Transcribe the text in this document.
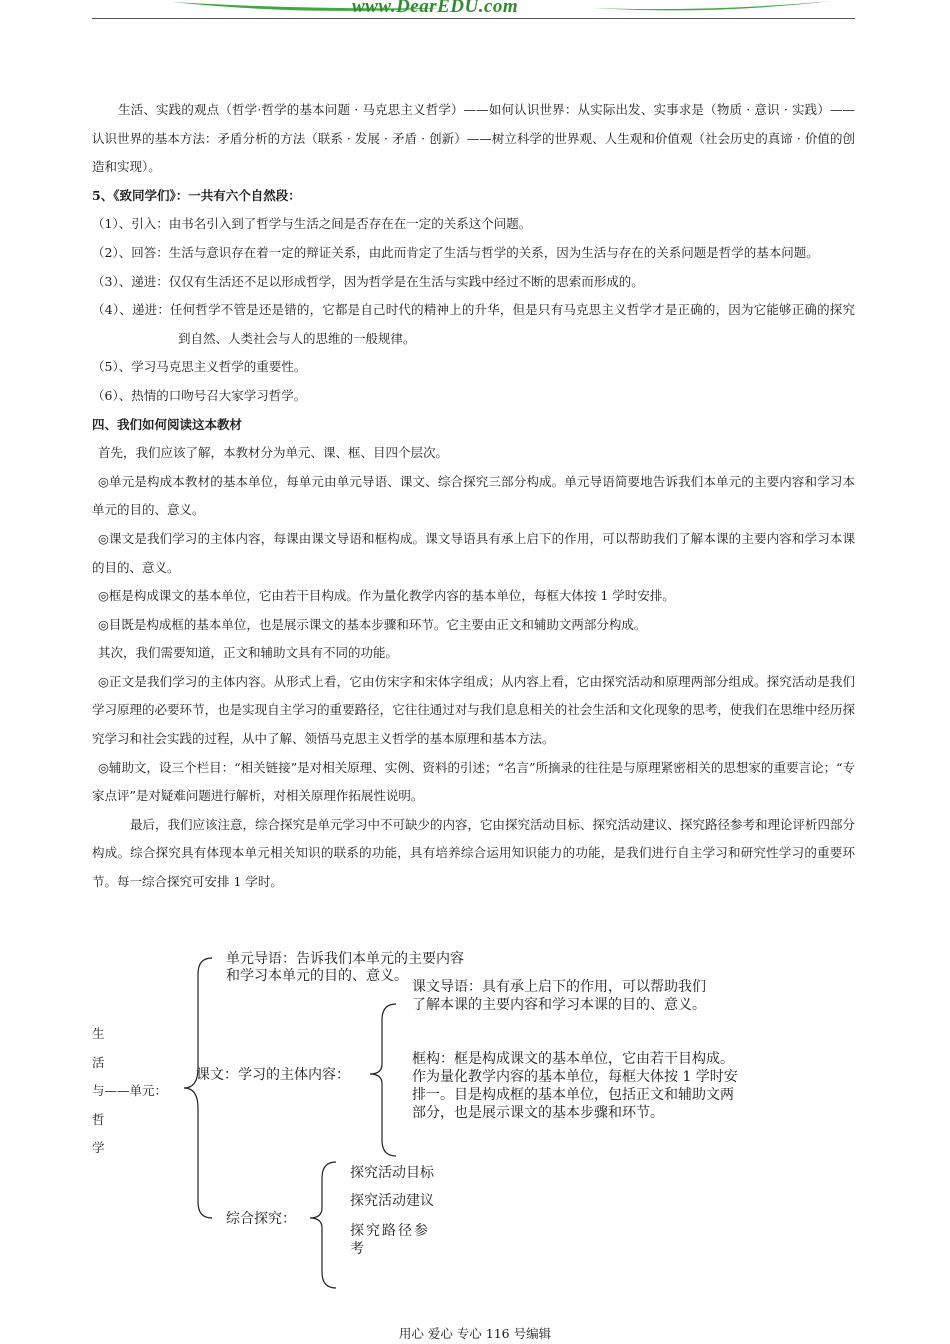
www.DearEDU.com

生活、实践的观点（哲学·哲学的基本问题 · 马克思主义哲学）——如何认识世界：从实际出发、实事求是（物质 · 意识 · 实践）——认识世界的基本方法：矛盾分析的方法（联系 · 发展 · 矛盾 · 创新）——树立科学的世界观、人生观和价值观（社会历史的真谛 · 价值的创造和实现）。

5、《致同学们》：一共有六个自然段：

（1）、引入：由书名引入到了哲学与生活之间是否存在在一定的关系这个问题。

（2）、回答：生活与意识存在着一定的辩证关系，由此而肯定了生活与哲学的关系，因为生活与存在的关系问题是哲学的基本问题。

（3）、递进：仅仅有生活还不足以形成哲学，因为哲学是在生活与实践中经过不断的思索而形成的。

（4）、递进：任何哲学不管是还是错的，它都是自己时代的精神上的升华，但是只有马克思主义哲学才是正确的，因为它能够正确的探究到自然、人类社会与人的思维的一般规律。

（5）、学习马克思主义哲学的重要性。

（6）、热情的口吻号召大家学习哲学。

四、我们如何阅读这本教材

首先，我们应该了解，本教材分为单元、课、框、目四个层次。

◎单元是构成本教材的基本单位，每单元由单元导语、课文、综合探究三部分构成。单元导语简要地告诉我们本单元的主要内容和学习本单元的目的、意义。

◎课文是我们学习的主体内容，每课由课文导语和框构成。课文导语具有承上启下的作用，可以帮助我们了解本课的主要内容和学习本课的目的、意义。

◎框是构成课文的基本单位，它由若干目构成。作为量化教学内容的基本单位，每框大体按 1 学时安排。

◎目既是构成框的基本单位，也是展示课文的基本步骤和环节。它主要由正文和辅助文两部分构成。

其次，我们需要知道，正文和辅助文具有不同的功能。

◎正文是我们学习的主体内容。从形式上看，它由仿宋字和宋体字组成；从内容上看，它由探究活动和原理两部分组成。探究活动是我们学习原理的必要环节，也是实现自主学习的重要路径，它往往通过对与我们息息相关的社会生活和文化现象的思考，使我们在思维中经历探究学习和社会实践的过程，从中了解、领悟马克思主义哲学的基本原理和基本方法。

◎辅助文，设三个栏目：“相关链接”是对相关原理、实例、资料的引述；“名言”所摘录的往往是与原理紧密相关的思想家的重要言论；“专家点评”是对疑难问题进行解析，对相关原理作拓展性说明。

最后，我们应该注意，综合探究是单元学习中不可缺少的内容，它由探究活动目标、探究活动建议、探究路径参考和理论评析四部分构成。综合探究具有体现本单元相关知识的联系的功能，具有培养综合运用知识能力的功能，是我们进行自主学习和研究性学习的重要环节。每一综合探究可安排 1 学时。

生
活
与——单元：
哲
学
单元导语：告诉我们本单元的主要内容
和学习本单元的目的、意义。
课文导语：具有承上启下的作用，可以帮助我们
了解本课的主要内容和学习本课的目的、意义。
课文：学习的主体内容：
框构：框是构成课文的基本单位，它由若干目构成。
作为量化教学内容的基本单位，每框大体按 1 学时安
排一。目是构成框的基本单位，包括正文和辅助文两
部分，也是展示课文的基本步骤和环节。
综合探究：
探究活动目标
探究活动建议
探究路径参
考
用心 爱心 专心 116 号编辑
